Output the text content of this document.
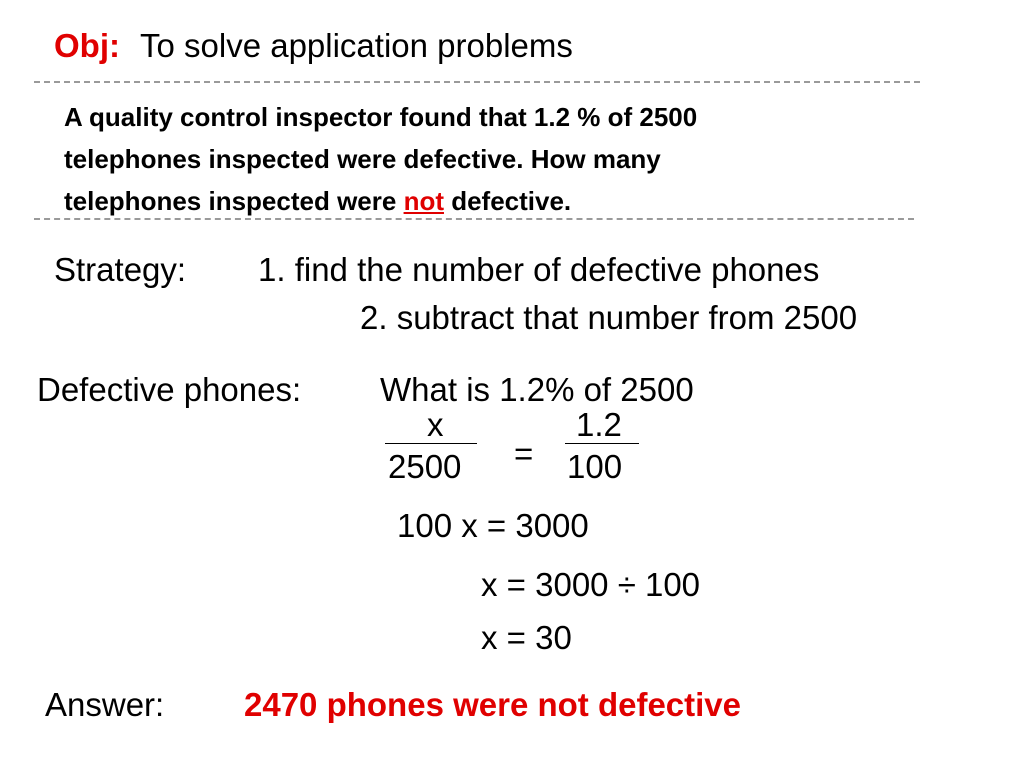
Obj: To solve application problems
A quality control inspector found that 1.2 % of 2500
telephones inspected were defective. How many
telephones inspected were not defective.
Strategy: 1. find the number of defective phones
2. subtract that number from 2500
Defective phones: What is 1.2% of 2500
x
2500 =
1.2
100
100 x = 3000
x = 3000 ÷ 100
x = 30
Answer: 2470 phones were not defective
